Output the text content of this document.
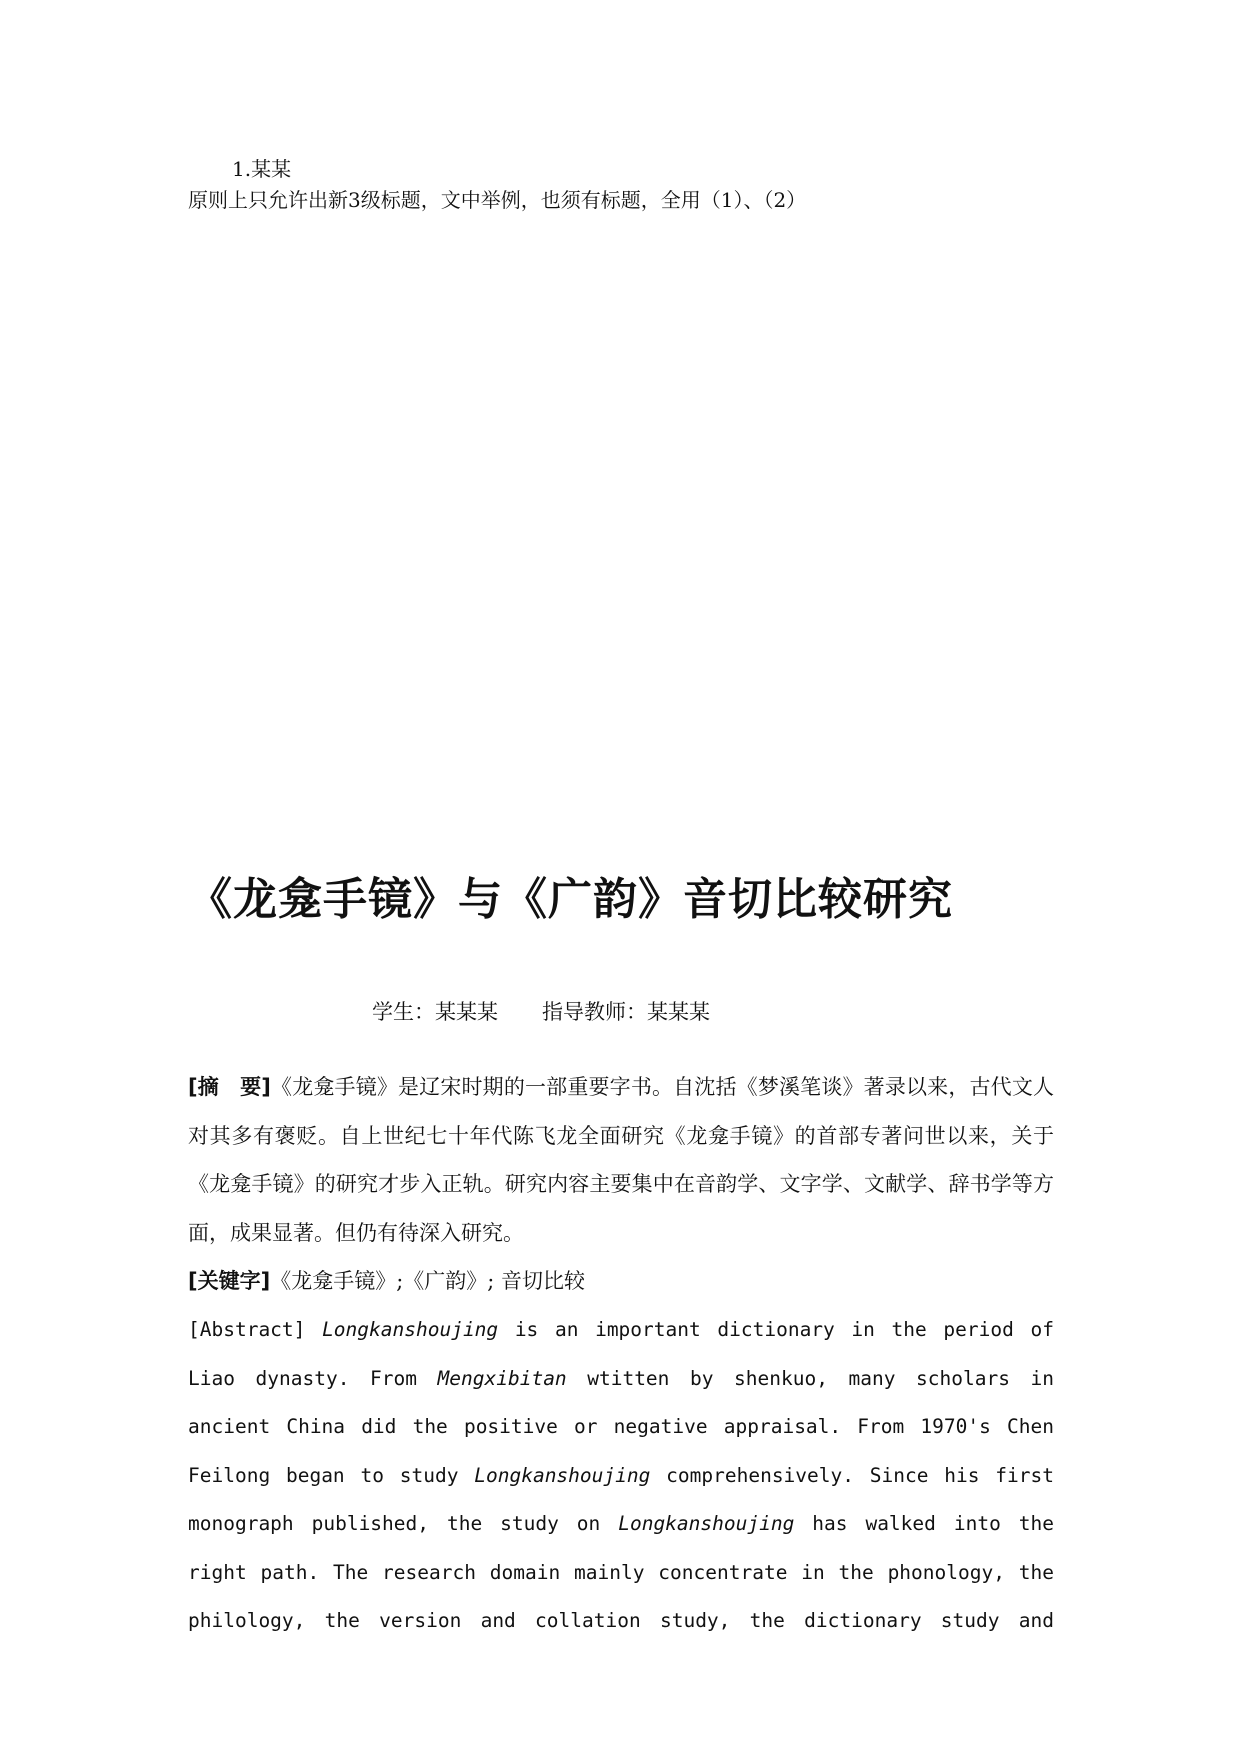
1.某某
原则上只允许出新3级标题，文中举例，也须有标题，全用（1）、（2）
《龙龛手镜》与《广韵》音切比较研究
学生：某某某 指导教师：某某某
[摘　要]《龙龛手镜》是辽宋时期的一部重要字书。自沈括《梦溪笔谈》著录以来，古代文人对其多有褒贬。自上世纪七十年代陈飞龙全面研究《龙龛手镜》的首部专著问世以来，关于《龙龛手镜》的研究才步入正轨。研究内容主要集中在音韵学、文字学、文献学、辞书学等方面，成果显著。但仍有待深入研究。
[关键字]《龙龛手镜》;《广韵》; 音切比较
[Abstract] Longkanshoujing is an important dictionary in the period of Liao dynasty. From Mengxibitan wtitten by shenkuo, many scholars in ancient China did the positive or negative appraisal. From 1970's Chen Feilong began to study Longkanshoujing comprehensively. Since his first monograph published, the study on Longkanshoujing has walked into the right path. The research domain mainly concentrate in the phonology, the philology, the version and collation study, the dictionary study and
